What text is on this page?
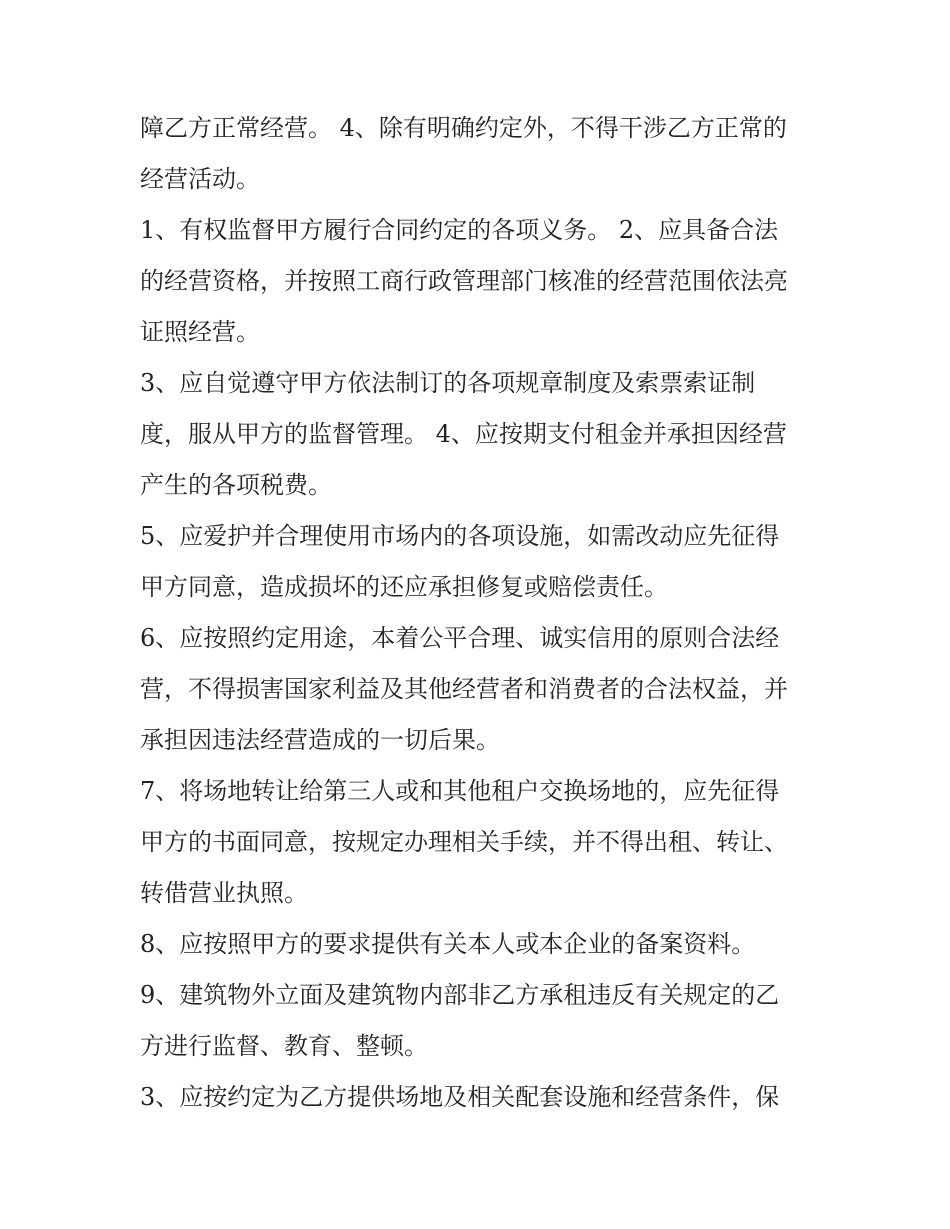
障乙方正常经营。 4、除有明确约定外，不得干涉乙方正常的
经营活动。
1、有权监督甲方履行合同约定的各项义务。 2、应具备合法
的经营资格，并按照工商行政管理部门核准的经营范围依法亮
证照经营。
3、应自觉遵守甲方依法制订的各项规章制度及索票索证制
度，服从甲方的监督管理。 4、应按期支付租金并承担因经营
产生的各项税费。
5、应爱护并合理使用市场内的各项设施，如需改动应先征得
甲方同意，造成损坏的还应承担修复或赔偿责任。
6、应按照约定用途，本着公平合理、诚实信用的原则合法经
营，不得损害国家利益及其他经营者和消费者的合法权益，并
承担因违法经营造成的一切后果。
7、将场地转让给第三人或和其他租户交换场地的，应先征得
甲方的书面同意，按规定办理相关手续，并不得出租、转让、
转借营业执照。
8、应按照甲方的要求提供有关本人或本企业的备案资料。
9、建筑物外立面及建筑物内部非乙方承租违反有关规定的乙
方进行监督、教育、整顿。
3、应按约定为乙方提供场地及相关配套设施和经营条件，保
